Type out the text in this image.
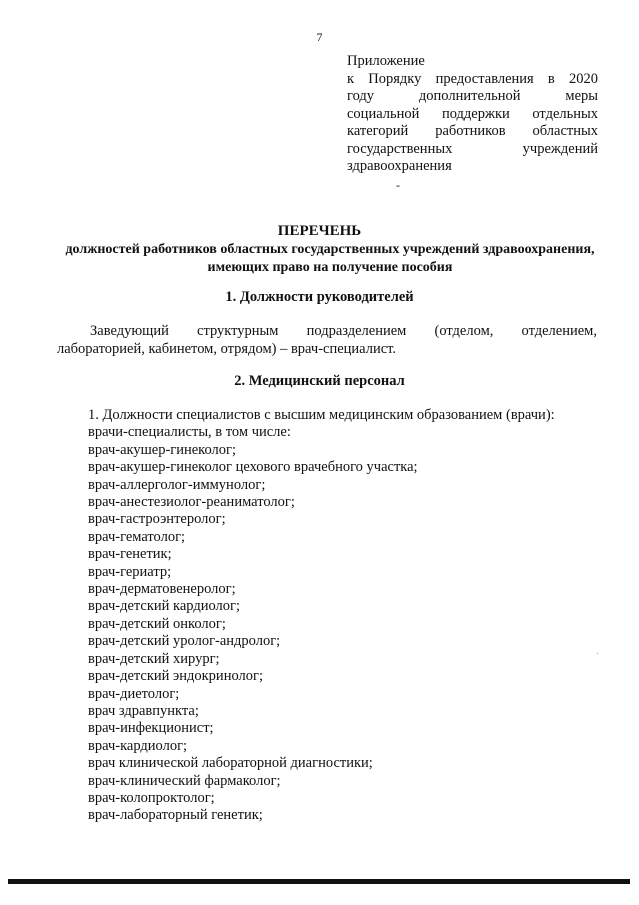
7
Приложение
к Порядку предоставления в 2020
году	дополнительной	меры
социальной поддержки отдельных
категорий работников областных
государственных	учреждений
здравоохранения
-
ПЕРЕЧЕНЬ
должностей работников областных государственных учреждений здравоохранения, имеющих право на получение пособия
1. Должности руководителей
Заведующий структурным подразделением (отделом, отделением,
лабораторией, кабинетом, отрядом) – врач-специалист.
2. Медицинский персонал
1. Должности специалистов с высшим медицинским образованием (врачи):
врачи-специалисты, в том числе:
врач-акушер-гинеколог;
врач-акушер-гинеколог цехового врачебного участка;
врач-аллерголог-иммунолог;
врач-анестезиолог-реаниматолог;
врач-гастроэнтеролог;
врач-гематолог;
врач-генетик;
врач-гериатр;
врач-дерматовенеролог;
врач-детский кардиолог;
врач-детский онколог;
врач-детский уролог-андролог;
врач-детский хирург;
врач-детский эндокринолог;
врач-диетолог;
врач здравпункта;
врач-инфекционист;
врач-кардиолог;
врач клинической лабораторной диагностики;
врач-клинический фармаколог;
врач-колопроктолог;
врач-лабораторный генетик;
